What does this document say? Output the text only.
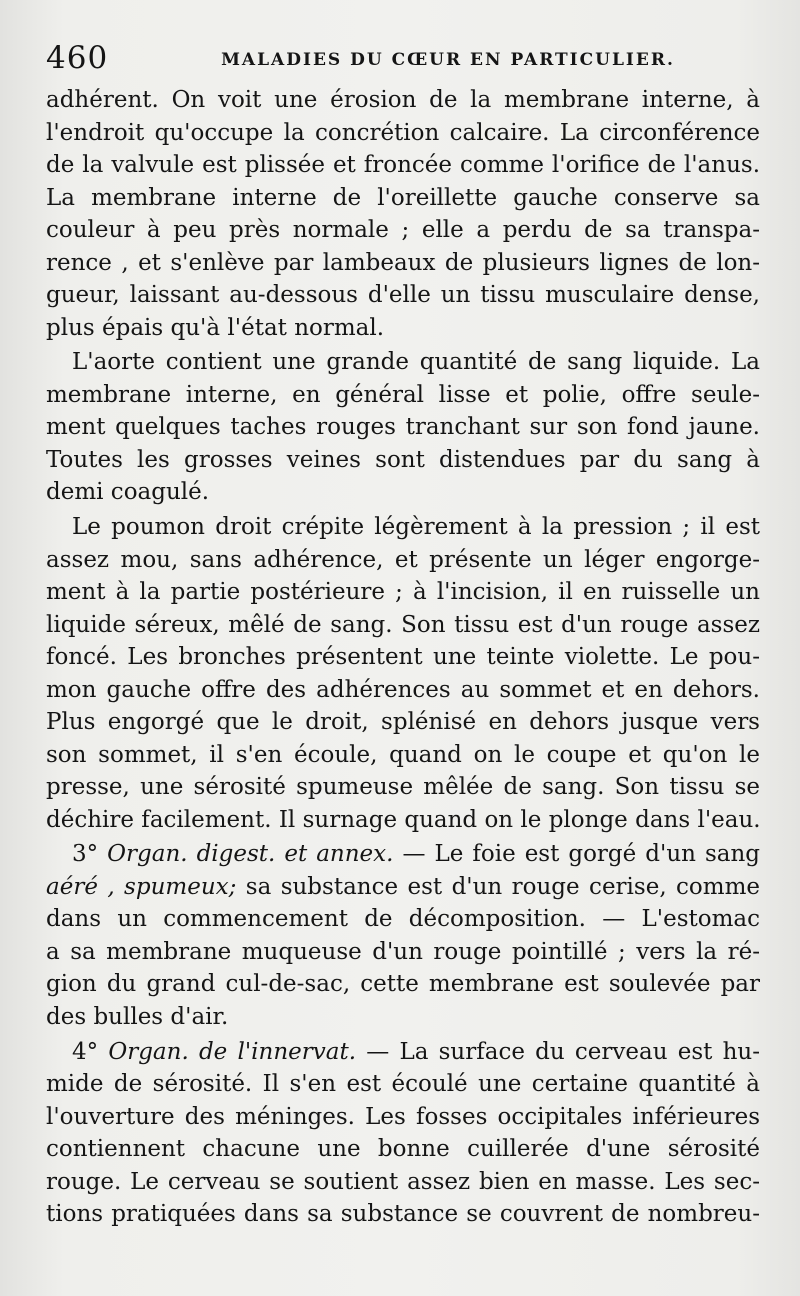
460	MALADIES DU CŒUR EN PARTICULIER.
adhérent. On voit une érosion de la membrane interne, à
l'endroit qu'occupe la concrétion calcaire. La circonférence
de la valvule est plissée et froncée comme l'orifice de l'anus.
La membrane interne de l'oreillette gauche conserve sa
couleur à peu près normale ; elle a perdu de sa transpa-
rence , et s'enlève par lambeaux de plusieurs lignes de lon-
gueur, laissant au-dessous d'elle un tissu musculaire dense,
plus épais qu'à l'état normal.
L'aorte contient une grande quantité de sang liquide. La
membrane interne, en général lisse et polie, offre seule-
ment quelques taches rouges tranchant sur son fond jaune.
Toutes les grosses veines sont distendues par du sang à
demi coagulé.
Le poumon droit crépite légèrement à la pression ; il est
assez mou, sans adhérence, et présente un léger engorge-
ment à la partie postérieure ; à l'incision, il en ruisselle un
liquide séreux, mêlé de sang. Son tissu est d'un rouge assez
foncé. Les bronches présentent une teinte violette. Le pou-
mon gauche offre des adhérences au sommet et en dehors.
Plus engorgé que le droit, splénisé en dehors jusque vers
son sommet, il s'en écoule, quand on le coupe et qu'on le
presse, une sérosité spumeuse mêlée de sang. Son tissu se
déchire facilement. Il surnage quand on le plonge dans l'eau.
3° Organ. digest. et annex. — Le foie est gorgé d'un sang
aéré , spumeux; sa substance est d'un rouge cerise, comme
dans un commencement de décomposition. — L'estomac
a sa membrane muqueuse d'un rouge pointillé ; vers la ré-
gion du grand cul-de-sac, cette membrane est soulevée par
des bulles d'air.
4° Organ. de l'innervat. — La surface du cerveau est hu-
mide de sérosité. Il s'en est écoulé une certaine quantité à
l'ouverture des méninges. Les fosses occipitales inférieures
contiennent chacune une bonne cuillerée d'une sérosité
rouge. Le cerveau se soutient assez bien en masse. Les sec-
tions pratiquées dans sa substance se couvrent de nombreu-
